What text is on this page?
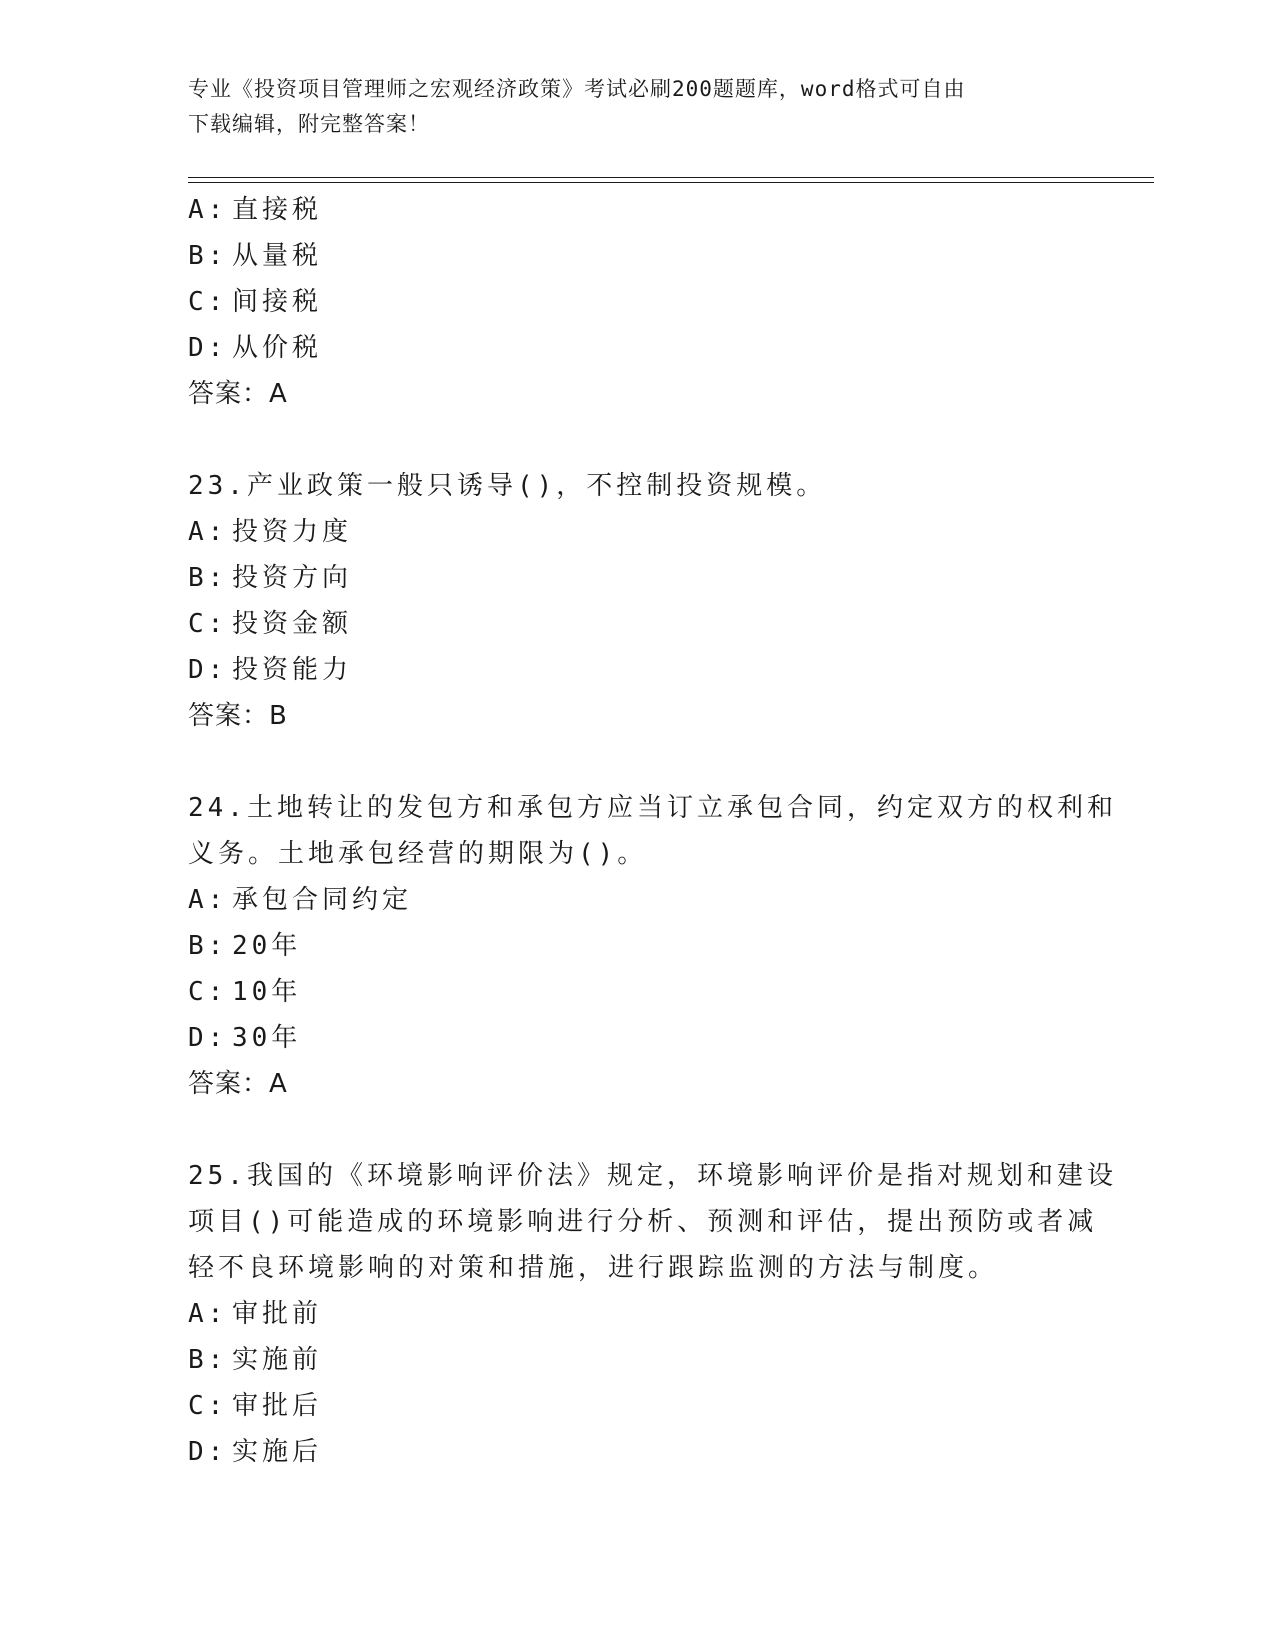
专业《投资项目管理师之宏观经济政策》考试必刷200题题库，word格式可自由
下载编辑，附完整答案！
A: 直接税
B: 从量税
C: 间接税
D: 从价税
答案：A
23.产业政策一般只诱导()，不控制投资规模。
A: 投资力度
B: 投资方向
C: 投资金额
D: 投资能力
答案：B
24.土地转让的发包方和承包方应当订立承包合同，约定双方的权利和
义务。土地承包经营的期限为()。
A: 承包合同约定
B: 20年
C: 10年
D: 30年
答案：A
25.我国的《环境影响评价法》规定，环境影响评价是指对规划和建设
项目()可能造成的环境影响进行分析、预测和评估，提出预防或者减
轻不良环境影响的对策和措施，进行跟踪监测的方法与制度。
A: 审批前
B: 实施前
C: 审批后
D: 实施后
